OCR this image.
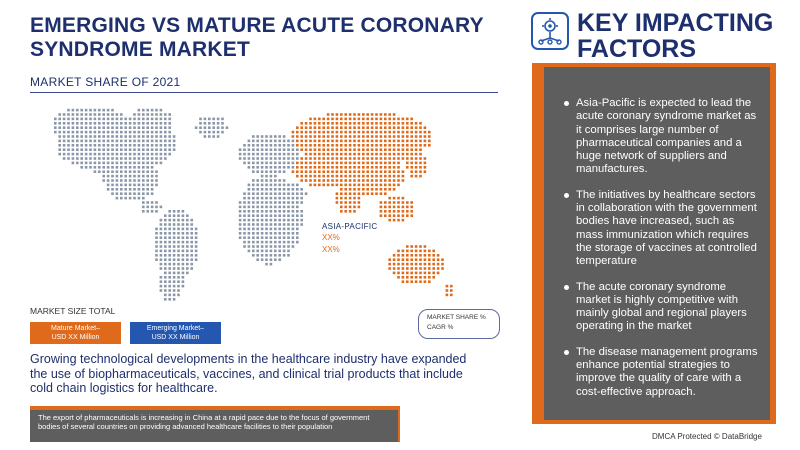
EMERGING VS MATURE ACUTE CORONARY SYNDROME MARKET
MARKET SHARE OF 2021
ASIA-PACIFIC
XX%
XX%
MARKET SIZE TOTAL
Mature Market–
USD XX Million
Emerging Market–
USD XX Million
MARKET SHARE %
CAGR %
Growing technological developments in the healthcare industry have expanded the use of biopharmaceuticals, vaccines, and clinical trial products that include cold chain logistics for healthcare.
The export of pharmaceuticals is increasing in China at a rapid pace due to the focus of government bodies of several countries on providing advanced healthcare facilities to their population
KEY IMPACTING
FACTORS
Asia-Pacific is expected to lead the acute coronary syndrome market as it comprises large number of pharmaceutical companies and a huge network of suppliers and manufactures.
The initiatives by healthcare sectors in collaboration with the government bodies have increased, such as mass immunization which requires the storage of vaccines at controlled temperature
The acute coronary syndrome market is highly competitive with mainly global and regional players operating in the market
The disease management programs enhance potential strategies to improve the quality of care with a cost-effective approach.
DMCA Protected © DataBridge
